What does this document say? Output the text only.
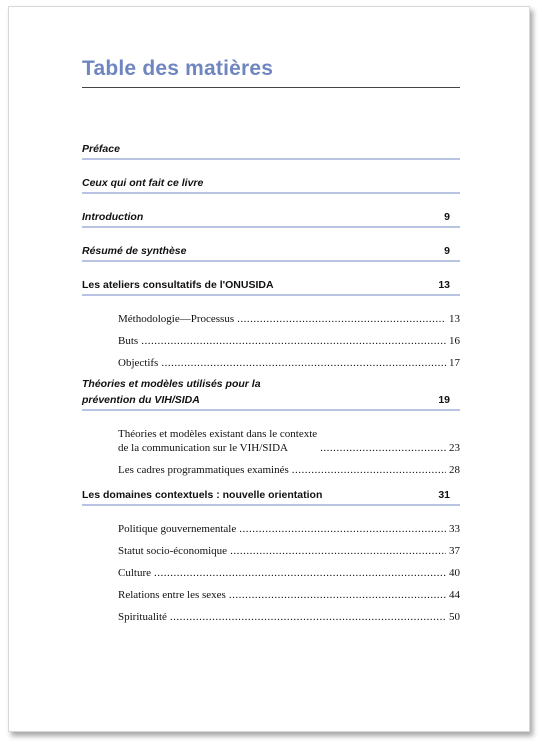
Table des matières
Préface
Ceux qui ont fait ce livre
Introduction	9
Résumé de synthèse	9
Les ateliers consultatifs de l'ONUSIDA	13
Méthodologie—Processus .....	13
Buts .....	16
Objectifs .....	17
Théories et modèles utilisés pour la
prévention du VIH/SIDA	19
Théories et modèles existant dans le contexte
de la communication sur le VIH/SIDA .....	23
Les cadres programmatiques examinés .....	28
Les domaines contextuels : nouvelle orientation	31
Politique gouvernementale .....	33
Statut socio-économique .....	37
Culture .....	40
Relations entre les sexes .....	44
Spiritualité .....	50
